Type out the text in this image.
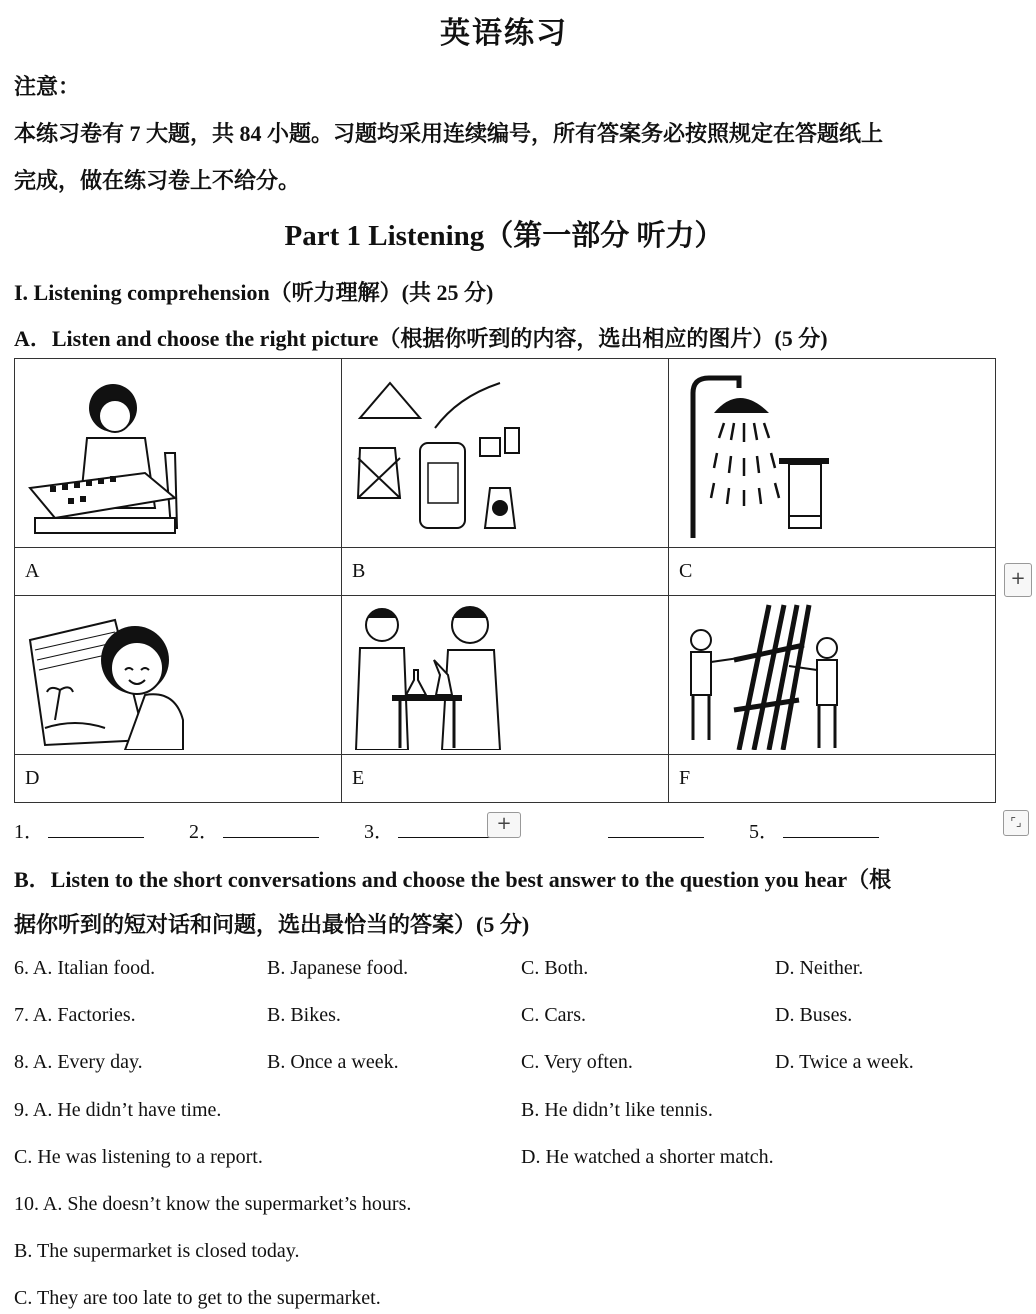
英语练习
注意：
本练习卷有 7 大题，共 84 小题。习题均采用连续编号，所有答案务必按照规定在答题纸上
完成，做在练习卷上不给分。
Part 1 Listening（第一部分 听力）
I. Listening comprehension（听力理解）(共 25 分)
A．Listen and choose the right picture（根据你听到的内容，选出相应的图片）(5 分)

A	B	C

D	E	F
+
1．	2．	3．	5．
+	⌜⌟
B．Listen to the short conversations and choose the best answer to the question you hear（根
据你听到的短对话和问题，选出最恰当的答案）(5 分)
6. A. Italian food.	B. Japanese food.	C. Both.	D. Neither.
7. A. Factories.	B. Bikes.	C. Cars.	D. Buses.
8. A. Every day.	B. Once a week.	C. Very often.	D. Twice a week.
9. A. He didn’t have time.	B. He didn’t like tennis.
C. He was listening to a report.	D. He watched a shorter match.
10. A. She doesn’t know the supermarket’s hours.
B. The supermarket is closed today.
C. They are too late to get to the supermarket.
